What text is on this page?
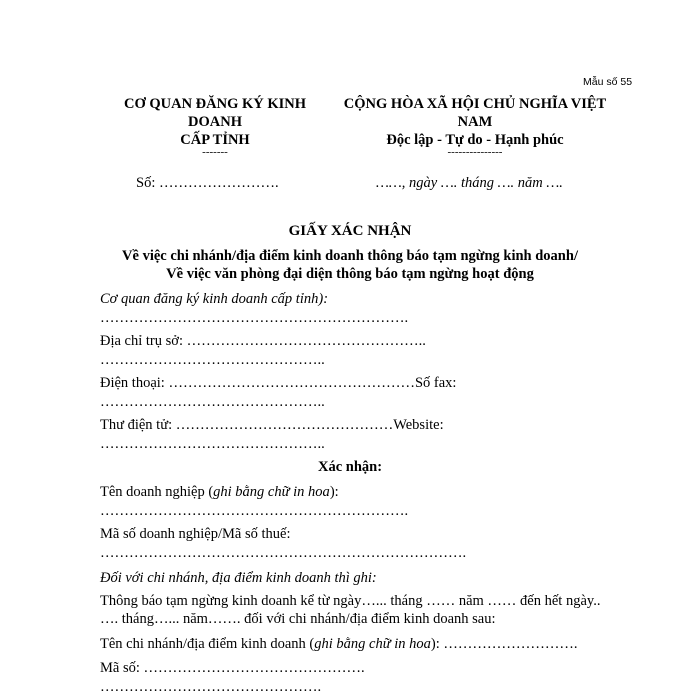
Mẫu số 55
CƠ QUAN ĐĂNG KÝ KINH
DOANH
CẤP TỈNH
-------
CỘNG HÒA XÃ HỘI CHỦ NGHĨA VIỆT
NAM
Độc lập - Tự do - Hạnh phúc
---------------
Số: …………………….	……, ngày …. tháng …. năm ….
GIẤY XÁC NHẬN
Về việc chi nhánh/địa điểm kinh doanh thông báo tạm ngừng kinh doanh/
Về việc văn phòng đại diện thông báo tạm ngừng hoạt động
Cơ quan đăng ký kinh doanh cấp tỉnh):
……………………………………………………….
Địa chỉ trụ sở: …………………………………………..
………………………………………..
Điện thoại: ……………………………………………Số fax:
………………………………………..
Thư điện tử: ………………………………………Website:
………………………………………..
Xác nhận:
Tên doanh nghiệp (ghi bằng chữ in hoa):
……………………………………………………….
Mã số doanh nghiệp/Mã số thuế:
………………………………………………………………….
Đối với chi nhánh, địa điểm kinh doanh thì ghi:
Thông báo tạm ngừng kinh doanh kể từ ngày…... tháng …… năm …… đến hết ngày..
…. tháng…... năm……. đối với chi nhánh/địa điểm kinh doanh sau:
Tên chi nhánh/địa điểm kinh doanh (ghi bằng chữ in hoa): ……………………….
Mã số: ……………………………………….
……………………………………….
